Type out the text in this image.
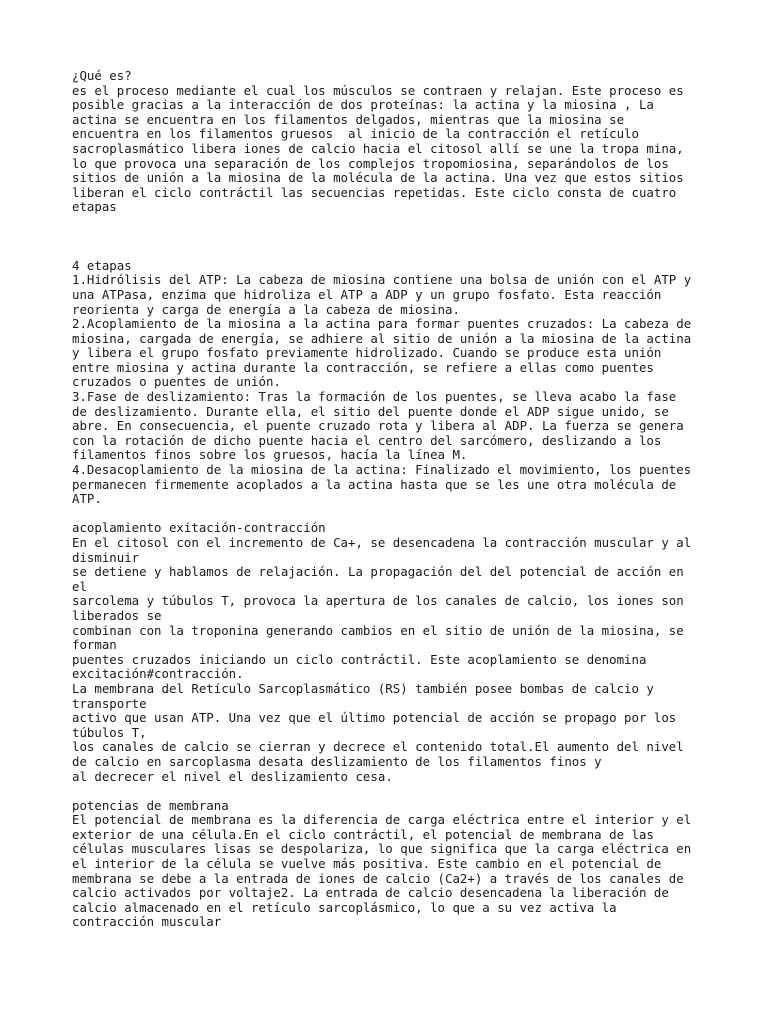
¿Qué es?
es el proceso mediante el cual los músculos se contraen y relajan. Este proceso es
posible gracias a la interacción de dos proteínas: la actina y la miosina , La
actina se encuentra en los filamentos delgados, mientras que la miosina se
encuentra en los filamentos gruesos  al inicio de la contracción el retículo
sacroplasmático libera iones de calcio hacia el citosol allí se une la tropa mina,
lo que provoca una separación de los complejos tropomiosina, separándolos de los
sitios de unión a la miosina de la molécula de la actina. Una vez que estos sitios
liberan el ciclo contráctil las secuencias repetidas. Este ciclo consta de cuatro
etapas
4 etapas
1.Hidrólisis del ATP: La cabeza de miosina contiene una bolsa de unión con el ATP y
una ATPasa, enzima que hidroliza el ATP a ADP y un grupo fosfato. Esta reacción
reorienta y carga de energía a la cabeza de miosina.
2.Acoplamiento de la miosina a la actina para formar puentes cruzados: La cabeza de
miosina, cargada de energía, se adhiere al sitio de unión a la miosina de la actina
y libera el grupo fosfato previamente hidrolizado. Cuando se produce esta unión
entre miosina y actina durante la contracción, se refiere a ellas como puentes
cruzados o puentes de unión.
3.Fase de deslizamiento: Tras la formación de los puentes, se lleva acabo la fase
de deslizamiento. Durante ella, el sitio del puente donde el ADP sigue unido, se
abre. En consecuencia, el puente cruzado rota y libera al ADP. La fuerza se genera
con la rotación de dicho puente hacia el centro del sarcómero, deslizando a los
filamentos finos sobre los gruesos, hacía la línea M.
4.Desacoplamiento de la miosina de la actina: Finalizado el movimiento, los puentes
permanecen firmemente acoplados a la actina hasta que se les une otra molécula de
ATP.
acoplamiento exitación-contracción
En el citosol con el incremento de Ca+, se desencadena la contracción muscular y al
disminuir
se detiene y hablamos de relajación. La propagación del del potencial de acción en
el
sarcolema y túbulos T, provoca la apertura de los canales de calcio, los iones son
liberados se
combinan con la troponina generando cambios en el sitio de unión de la miosina, se
forman
puentes cruzados iniciando un ciclo contráctil. Este acoplamiento se denomina
excitación#contracción.
La membrana del Retículo Sarcoplasmático (RS) también posee bombas de calcio y
transporte
activo que usan ATP. Una vez que el último potencial de acción se propago por los
túbulos T,
los canales de calcio se cierran y decrece el contenido total.El aumento del nivel
de calcio en sarcoplasma desata deslizamiento de los filamentos finos y
al decrecer el nivel el deslizamiento cesa.
potencias de membrana
El potencial de membrana es la diferencia de carga eléctrica entre el interior y el
exterior de una célula.En el ciclo contráctil, el potencial de membrana de las
células musculares lisas se despolariza, lo que significa que la carga eléctrica en
el interior de la célula se vuelve más positiva. Este cambio en el potencial de
membrana se debe a la entrada de iones de calcio (Ca2+) a través de los canales de
calcio activados por voltaje2. La entrada de calcio desencadena la liberación de
calcio almacenado en el retículo sarcoplásmico, lo que a su vez activa la
contracción muscular
